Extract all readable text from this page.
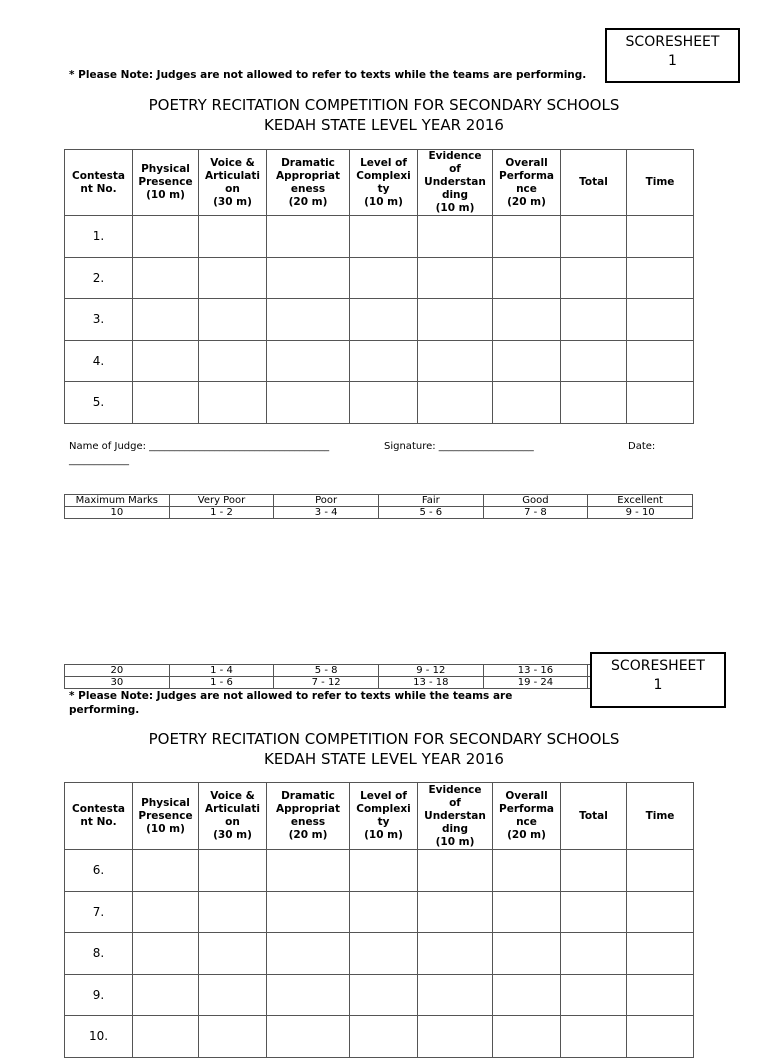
SCORESHEET
1
* Please Note: Judges are not allowed to refer to texts while the teams are performing.
POETRY RECITATION COMPETITION FOR SECONDARY SCHOOLS
KEDAH STATE LEVEL YEAR 2016
Contesta
nt No.	Physical
Presence
(10 m)	Voice &
Articulati
on
(30 m)	Dramatic
Appropriat
eness
(20 m)	Level of
Complexi
ty
(10 m)	Evidence
of
Understan
ding
(10 m)	Overall
Performa
nce
(20 m)	Total	Time
1.								
2.								
3.								
4.								
5.								
Name of Judge: ____________________________________	Signature: ___________________	Date:
____________
Maximum Marks	Very Poor	Poor	Fair	Good	Excellent
10	1 - 2	3 - 4	5 - 6	7 - 8	9 - 10
20	1 - 4	5 - 8	9 - 12	13 - 16	
30	1 - 6	7 - 12	13 - 18	19 - 24	
SCORESHEET
1
* Please Note: Judges are not allowed to refer to texts while the teams are
performing.
POETRY RECITATION COMPETITION FOR SECONDARY SCHOOLS
KEDAH STATE LEVEL YEAR 2016
Contesta
nt No.	Physical
Presence
(10 m)	Voice &
Articulati
on
(30 m)	Dramatic
Appropriat
eness
(20 m)	Level of
Complexi
ty
(10 m)	Evidence
of
Understan
ding
(10 m)	Overall
Performa
nce
(20 m)	Total	Time
6.								
7.								
8.								
9.								
10.								
